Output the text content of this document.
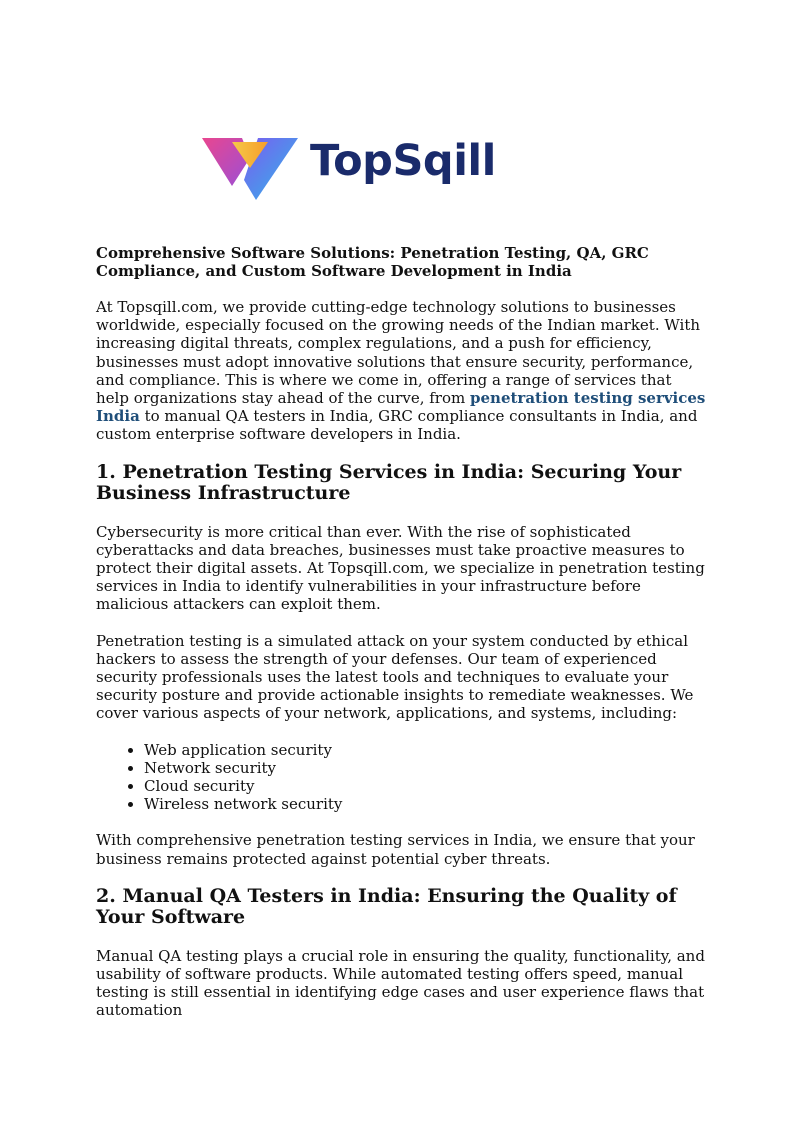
TopSqill
Comprehensive Software Solutions: Penetration Testing, QA, GRC Compliance, and Custom Software Development in India

At Topsqill.com, we provide cutting-edge technology solutions to businesses worldwide, especially focused on the growing needs of the Indian market. With increasing digital threats, complex regulations, and a push for efficiency, businesses must adopt innovative solutions that ensure security, performance, and compliance. This is where we come in, offering a range of services that help organizations stay ahead of the curve, from penetration testing services India to manual QA testers in India, GRC compliance consultants in India, and custom enterprise software developers in India.

1. Penetration Testing Services in India: Securing Your Business Infrastructure

Cybersecurity is more critical than ever. With the rise of sophisticated cyberattacks and data breaches, businesses must take proactive measures to protect their digital assets. At Topsqill.com, we specialize in penetration testing services in India to identify vulnerabilities in your infrastructure before malicious attackers can exploit them.

Penetration testing is a simulated attack on your system conducted by ethical hackers to assess the strength of your defenses. Our team of experienced security professionals uses the latest tools and techniques to evaluate your security posture and provide actionable insights to remediate weaknesses. We cover various aspects of your network, applications, and systems, including:

• Web application security
• Network security
• Cloud security
• Wireless network security

With comprehensive penetration testing services in India, we ensure that your business remains protected against potential cyber threats.

2. Manual QA Testers in India: Ensuring the Quality of Your Software

Manual QA testing plays a crucial role in ensuring the quality, functionality, and usability of software products. While automated testing offers speed, manual testing is still essential in identifying edge cases and user experience flaws that automation
